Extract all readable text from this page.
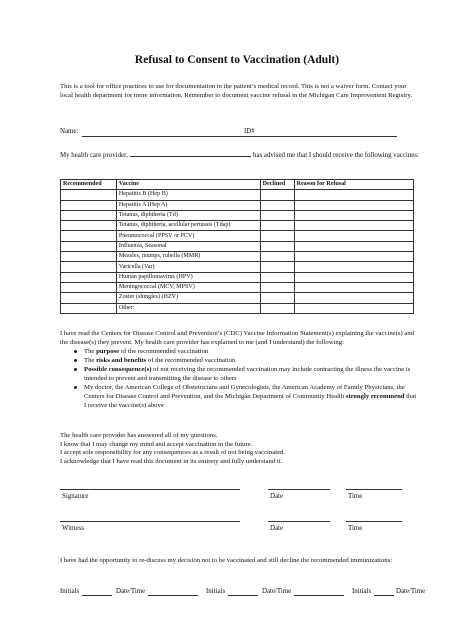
Refusal to Consent to Vaccination (Adult)
This is a tool for office practices to use for documentation in the patient’s medical record. This is not a waiver form. Contact your local health department for more information. Remember to document vaccine refusal in the Michigan Care Improvement Registry.
Name:	ID#
My health care provider,	, has advised me that I should receive the following vaccines:
Recommended	Vaccine	Declined	Reason for Refusal
	Hepatitis B (Hep B)		
	Hepatitis A (Hep A)		
	Tetanus, diphtheria (Td)		
	Tetanus, diphtheria, acellular pertussis (Tdap)		
	Pneumococcal (PPSV or PCV)		
	Influenza, Seasonal		
	Measles, mumps, rubella (MMR)		
	Varicella (Var)		
	Human papillomavirus (HPV)		
	Meningococcal (MCV, MPSV)		
	Zoster (shingles) (HZV)		
	Other:		

I have read the Centers for Disease Control and Prevention’s (CDC) Vaccine Information Statement(s) explaining the vaccine(s) and the disease(s) they prevent. My health care provider has explained to me (and I understand) the following:

The purpose of the recommended vaccination
The risks and benefits of the recommended vaccination
Possible consequence(s) of not receiving the recommended vaccination may include contracting the illness the vaccine is intended to prevent and transmitting the disease to others
My doctor, the American College of Obstetricians and Gynecologists, the American Academy of Family Physicians, the Centers for Disease Control and Prevention, and the Michigan Department of Community Health strongly recommend that I receive the vaccine(s) above
The health care provider has answered all of my questions.
I know that I may change my mind and accept vaccination in the future.
I accept sole responsibility for any consequences as a result of not being vaccinated.
I acknowledge that I have read this document in its entirety and fully understand it.
Signature	Date	Time
Witness	Date	Time
I have had the opportunity to re-discuss my decision not to be vaccinated and still decline the recommended immunizations:
Initials	Date/Time	Initials	Date/Time	Initials	Date/Time
